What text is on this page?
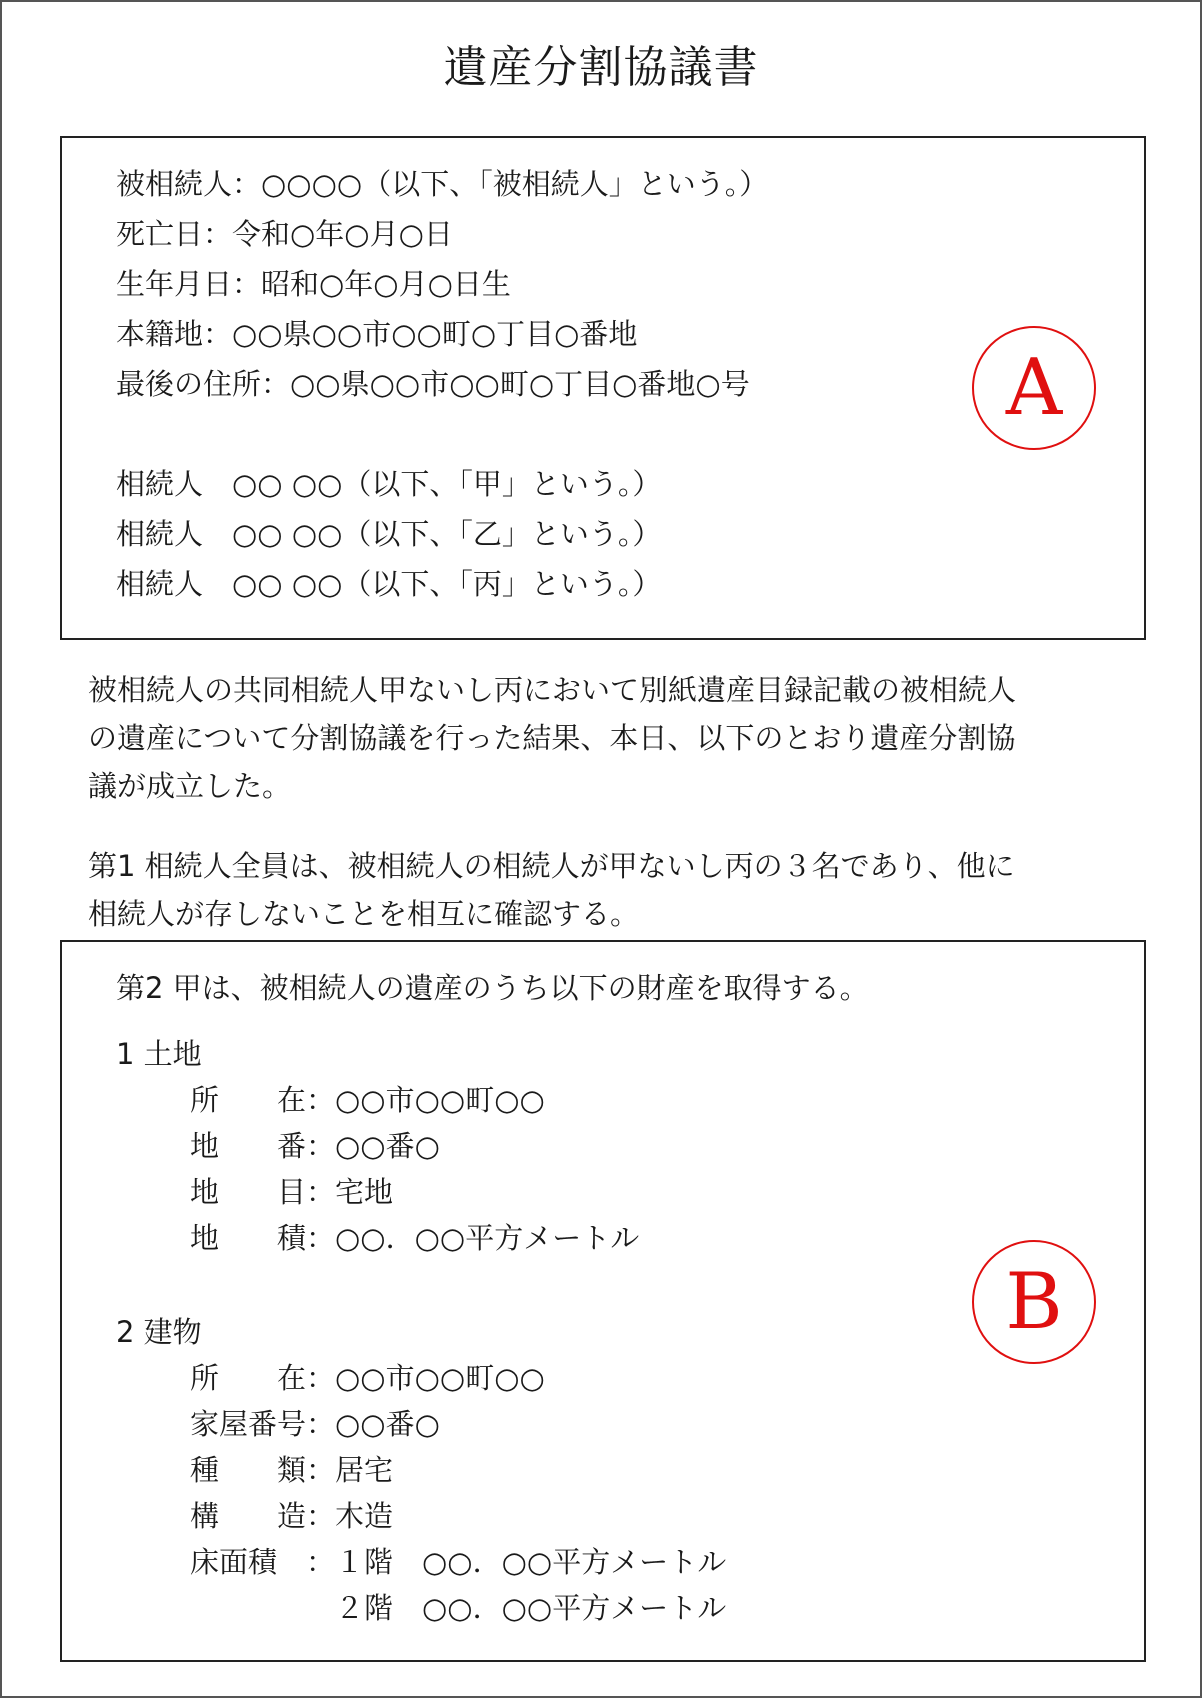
遺産分割協議書
被相続人：○○○○（以下、「被相続人」という。）
死亡日：令和○年○月○日
生年月日：昭和○年○月○日生
本籍地：○○県○○市○○町○丁目○番地
最後の住所：○○県○○市○○町○丁目○番地○号
相続人　○○ ○○（以下、「甲」という。）
相続人　○○ ○○（以下、「乙」という。）
相続人　○○ ○○（以下、「丙」という。）
A
被相続人の共同相続人甲ないし丙において別紙遺産目録記載の被相続人
の遺産について分割協議を行った結果、本日、以下のとおり遺産分割協
議が成立した。
第1 相続人全員は、被相続人の相続人が甲ないし丙の３名であり、他に
相続人が存しないことを相互に確認する。
第2 甲は、被相続人の遺産のうち以下の財産を取得する。
1 土地
所　　在：○○市○○町○○
地　　番：○○番○
地　　目：宅地
地　　積：○○．○○平方メートル
2 建物
所　　在：○○市○○町○○
家屋番号：○○番○
種　　類：居宅
構　　造：木造
床面積　：１階　○○．○○平方メートル
　　　　　２階　○○．○○平方メートル
B
